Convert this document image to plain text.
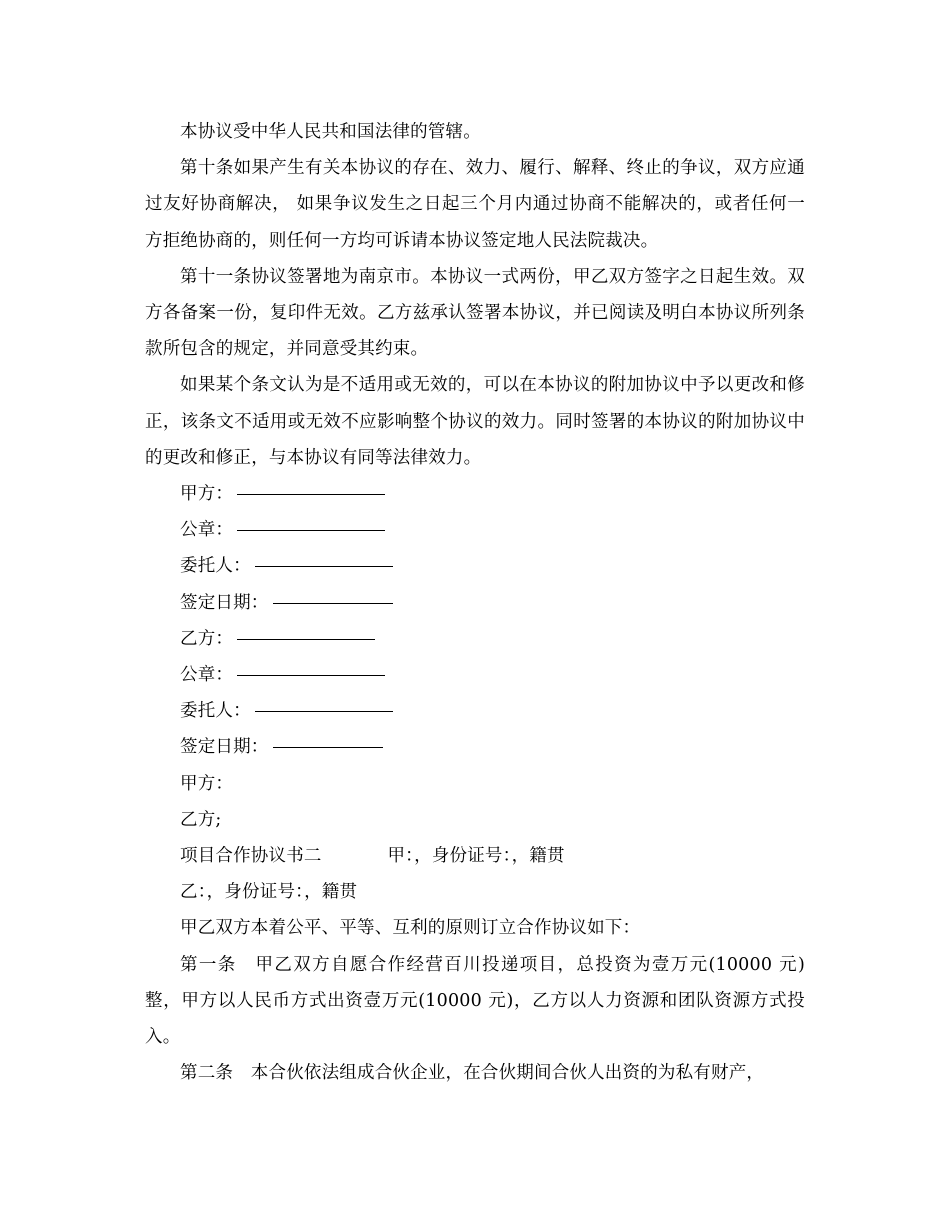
本协议受中华人民共和国法律的管辖。

第十条如果产生有关本协议的存在、效力、履行、解释、终止的争议，双方应通过友好协商解决， 如果争议发生之日起三个月内通过协商不能解决的，或者任何一方拒绝协商的，则任何一方均可诉请本协议签定地人民法院裁决。

第十一条协议签署地为南京市。本协议一式两份，甲乙双方签字之日起生效。双方各备案一份，复印件无效。乙方兹承认签署本协议，并已阅读及明白本协议所列条 款所包含的规定，并同意受其约束。

如果某个条文认为是不适用或无效的，可以在本协议的附加协议中予以更改和修正，该条文不适用或无效不应影响整个协议的效力。同时签署的本协议的附加协议中 的更改和修正，与本协议有同等法律效力。

甲方：
公章：
委托人：
签定日期：
乙方：
公章：
委托人：
签定日期：
甲方：
乙方;
项目合作协议书二	甲：，身份证号：，籍贯
乙：，身份证号：，籍贯
甲乙双方本着公平、平等、互利的原则订立合作协议如下：

第一条　甲乙双方自愿合作经营百川投递项目，总投资为壹万元(10000 元)整，甲方以人民币方式出资壹万元(10000 元)，乙方以人力资源和团队资源方式投入。

第二条　本合伙依法组成合伙企业，在合伙期间合伙人出资的为私有财产，
